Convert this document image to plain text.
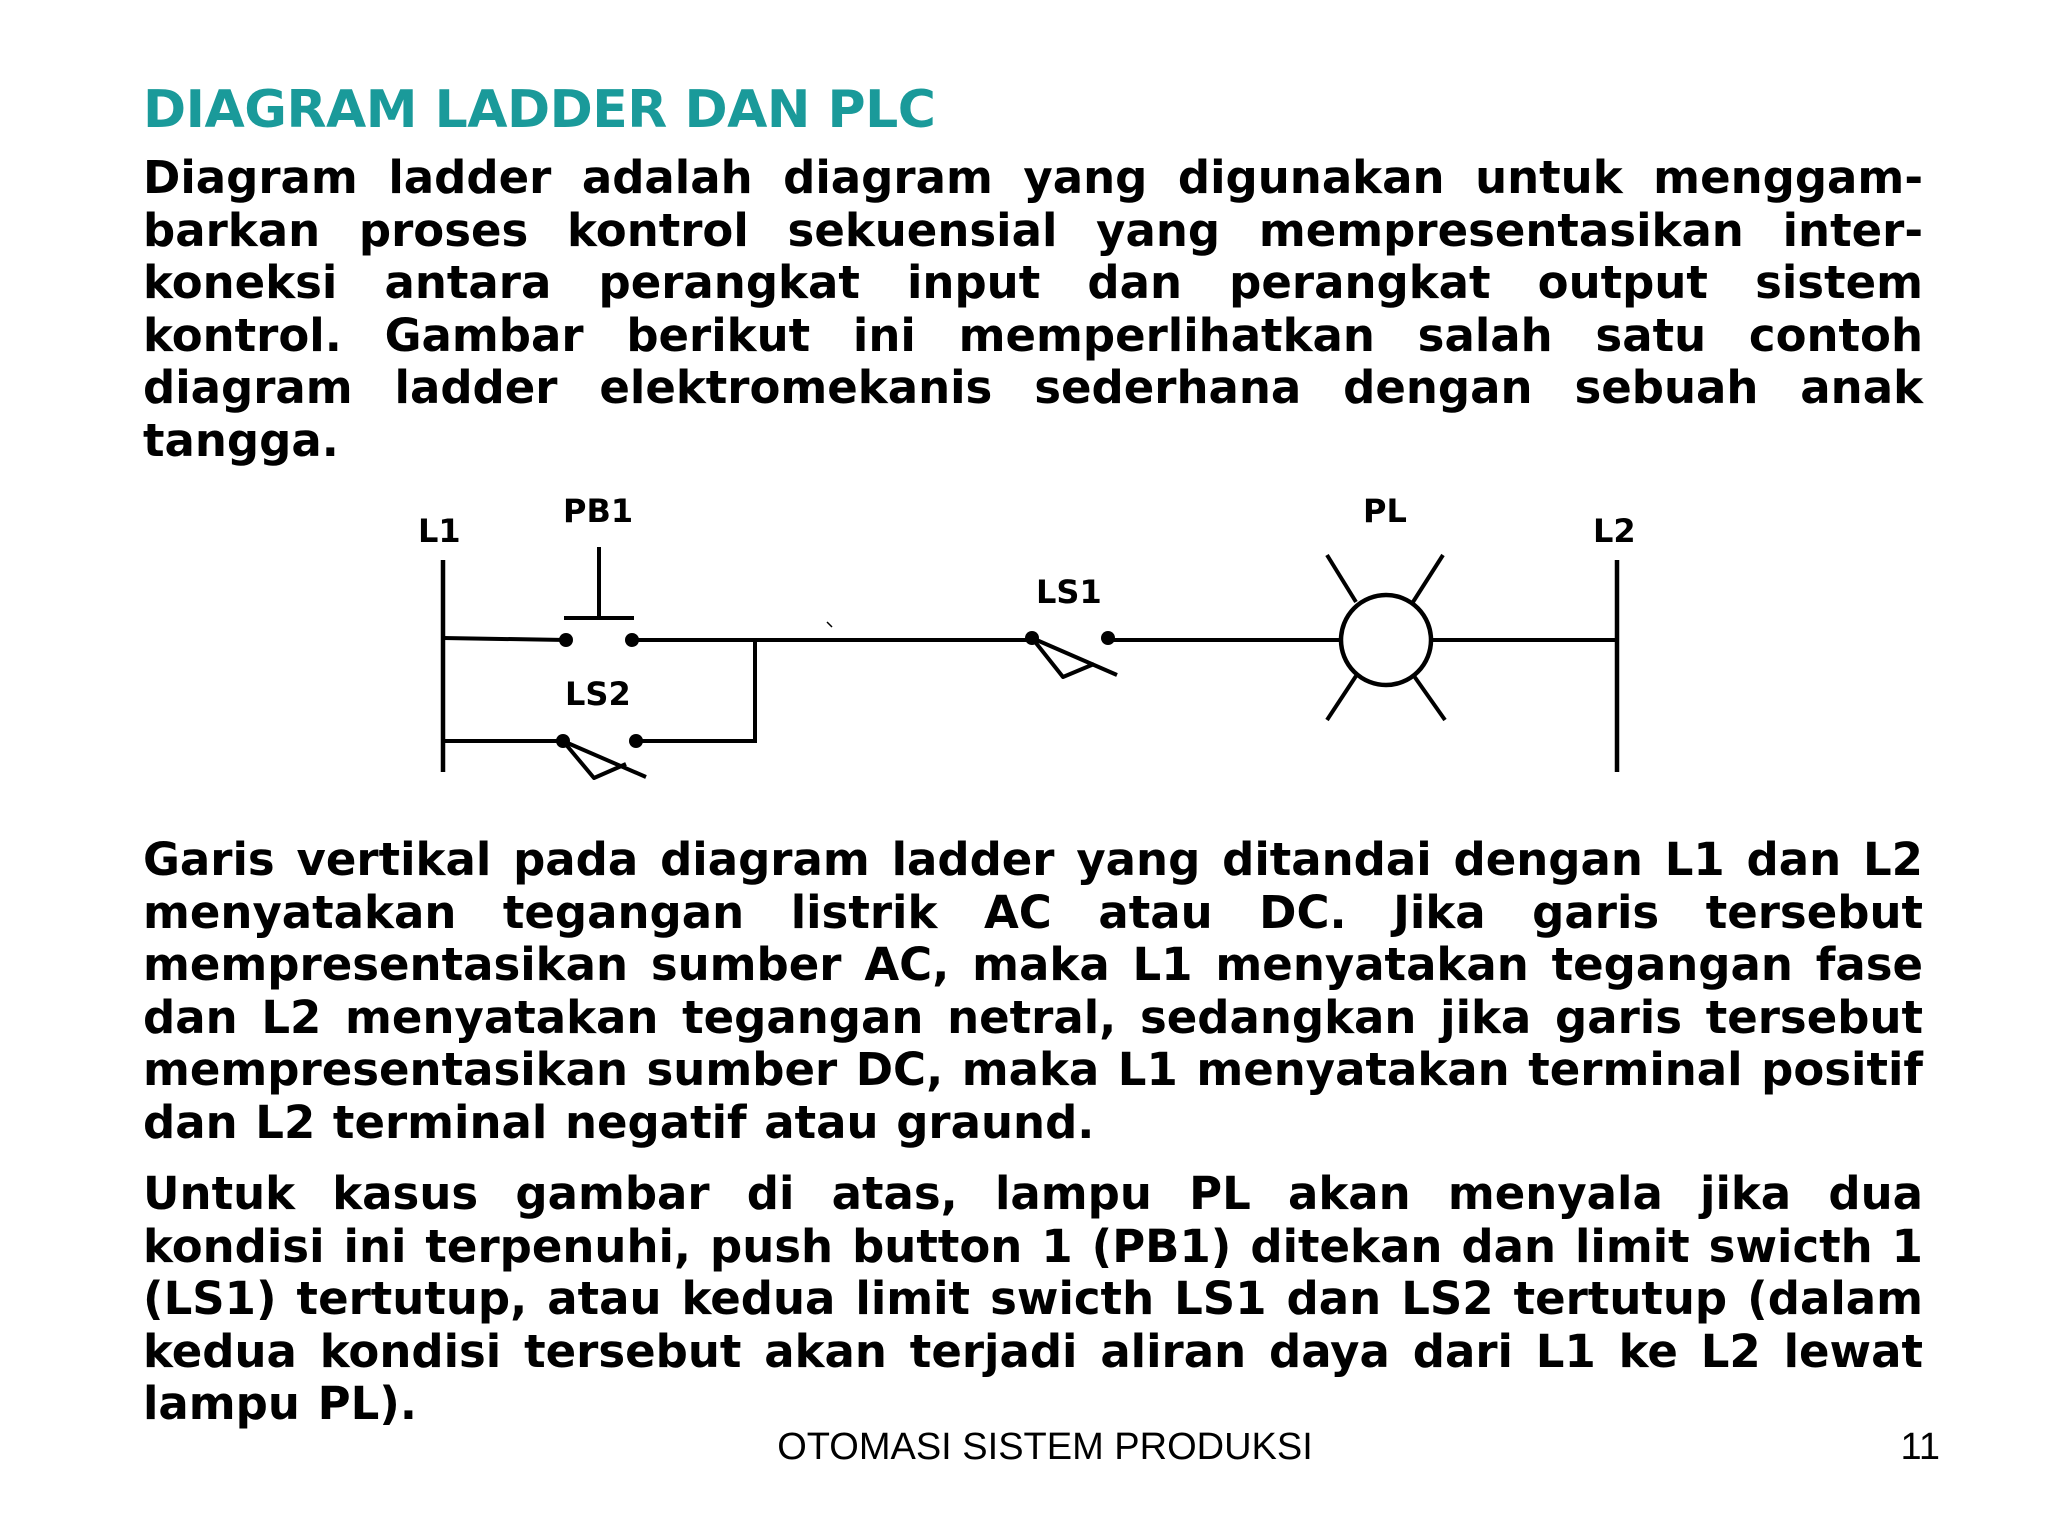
DIAGRAM LADDER DAN PLC

Diagram ladder adalah diagram yang digunakan untuk menggambarkan proses kontrol sekuensial yang mempresentasikan interkoneksi antara perangkat input dan perangkat output sistem kontrol. Gambar berikut ini memperlihatkan salah satu contoh diagram ladder elektromekanis sederhana dengan sebuah anak tangga.

L1
PB1	PL
L2
LS1
LS2

Garis vertikal pada diagram ladder yang ditandai dengan L1 dan L2 menyatakan tegangan listrik AC atau DC. Jika garis tersebut mempresentasikan sumber AC, maka L1 menyatakan tegangan fase dan L2 menyatakan tegangan netral, sedangkan jika garis tersebut mempresentasikan sumber DC, maka L1 menyatakan terminal positif dan L2 terminal negatif atau graund.

Untuk kasus gambar di atas, lampu PL akan menyala jika dua kondisi ini terpenuhi, push button 1 (PB1) ditekan dan limit swicth 1 (LS1) tertutup, atau kedua limit swicth LS1 dan LS2 tertutup (dalam kedua kondisi tersebut akan terjadi aliran daya dari L1 ke L2 lewat lampu PL).

OTOMASI SISTEM PRODUKSI	11
